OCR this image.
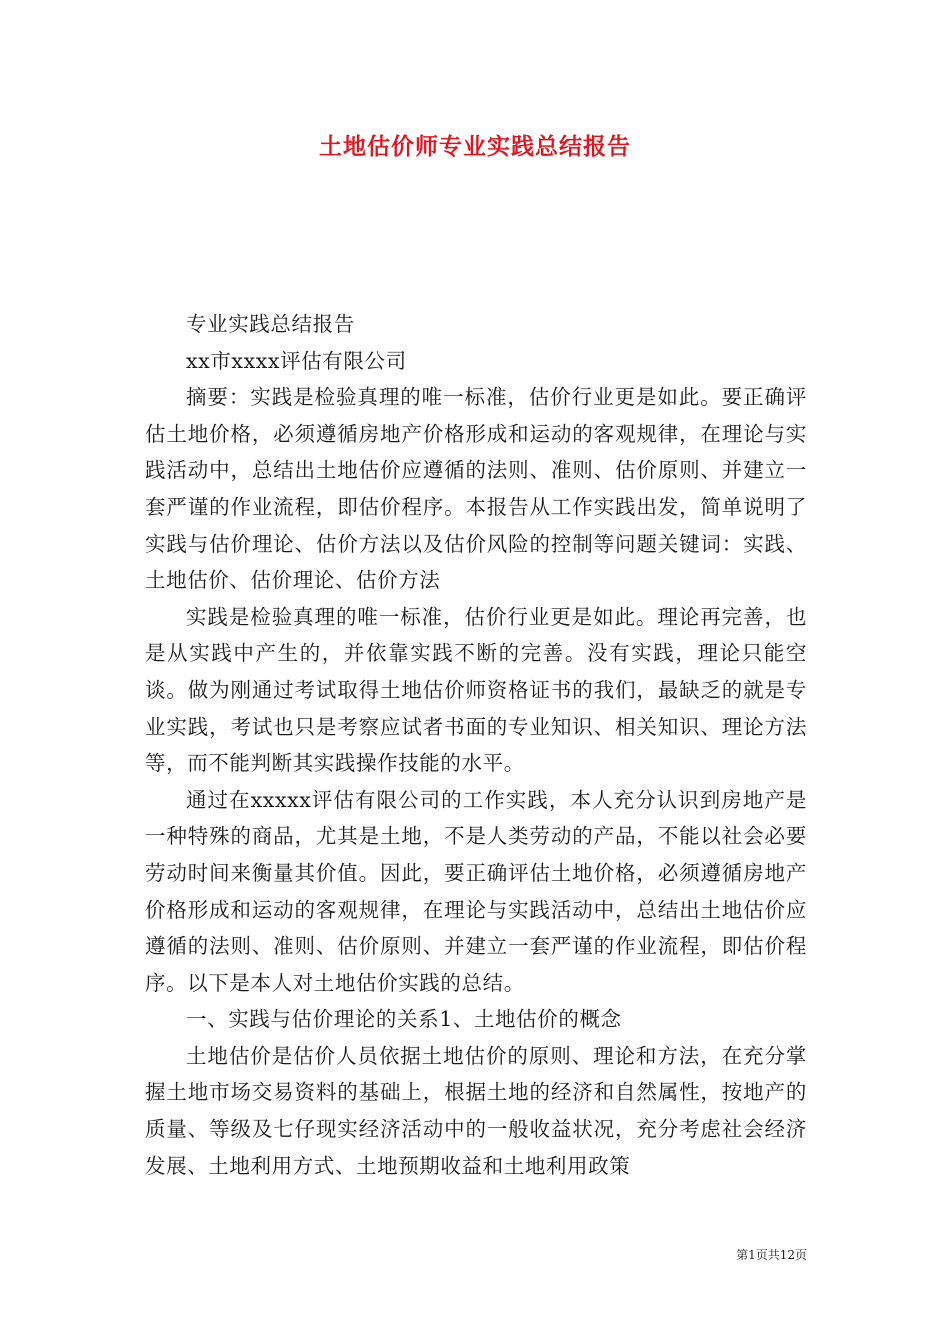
土地估价师专业实践总结报告

专业实践总结报告

xx市xxxx评估有限公司

摘要：实践是检验真理的唯一标准，估价行业更是如此。要正确评估土地价格，必须遵循房地产价格形成和运动的客观规律，在理论与实践活动中，总结出土地估价应遵循的法则、准则、估价原则、并建立一套严谨的作业流程，即估价程序。本报告从工作实践出发，简单说明了实践与估价理论、估价方法以及估价风险的控制等问题关键词：实践、土地估价、估价理论、估价方法

实践是检验真理的唯一标准，估价行业更是如此。理论再完善，也是从实践中产生的，并依靠实践不断的完善。没有实践，理论只能空谈。做为刚通过考试取得土地估价师资格证书的我们，最缺乏的就是专业实践，考试也只是考察应试者书面的专业知识、相关知识、理论方法等，而不能判断其实践操作技能的水平。

通过在xxxxx评估有限公司的工作实践，本人充分认识到房地产是一种特殊的商品，尤其是土地，不是人类劳动的产品，不能以社会必要劳动时间来衡量其价值。因此，要正确评估土地价格，必须遵循房地产价格形成和运动的客观规律，在理论与实践活动中，总结出土地估价应遵循的法则、准则、估价原则、并建立一套严谨的作业流程，即估价程序。以下是本人对土地估价实践的总结。

一、实践与估价理论的关系1、土地估价的概念

土地估价是估价人员依据土地估价的原则、理论和方法，在充分掌握土地市场交易资料的基础上，根据土地的经济和自然属性，按地产的质量、等级及七仔现实经济活动中的一般收益状况，充分考虑社会经济发展、土地利用方式、土地预期收益和土地利用政策

第1页共12页
